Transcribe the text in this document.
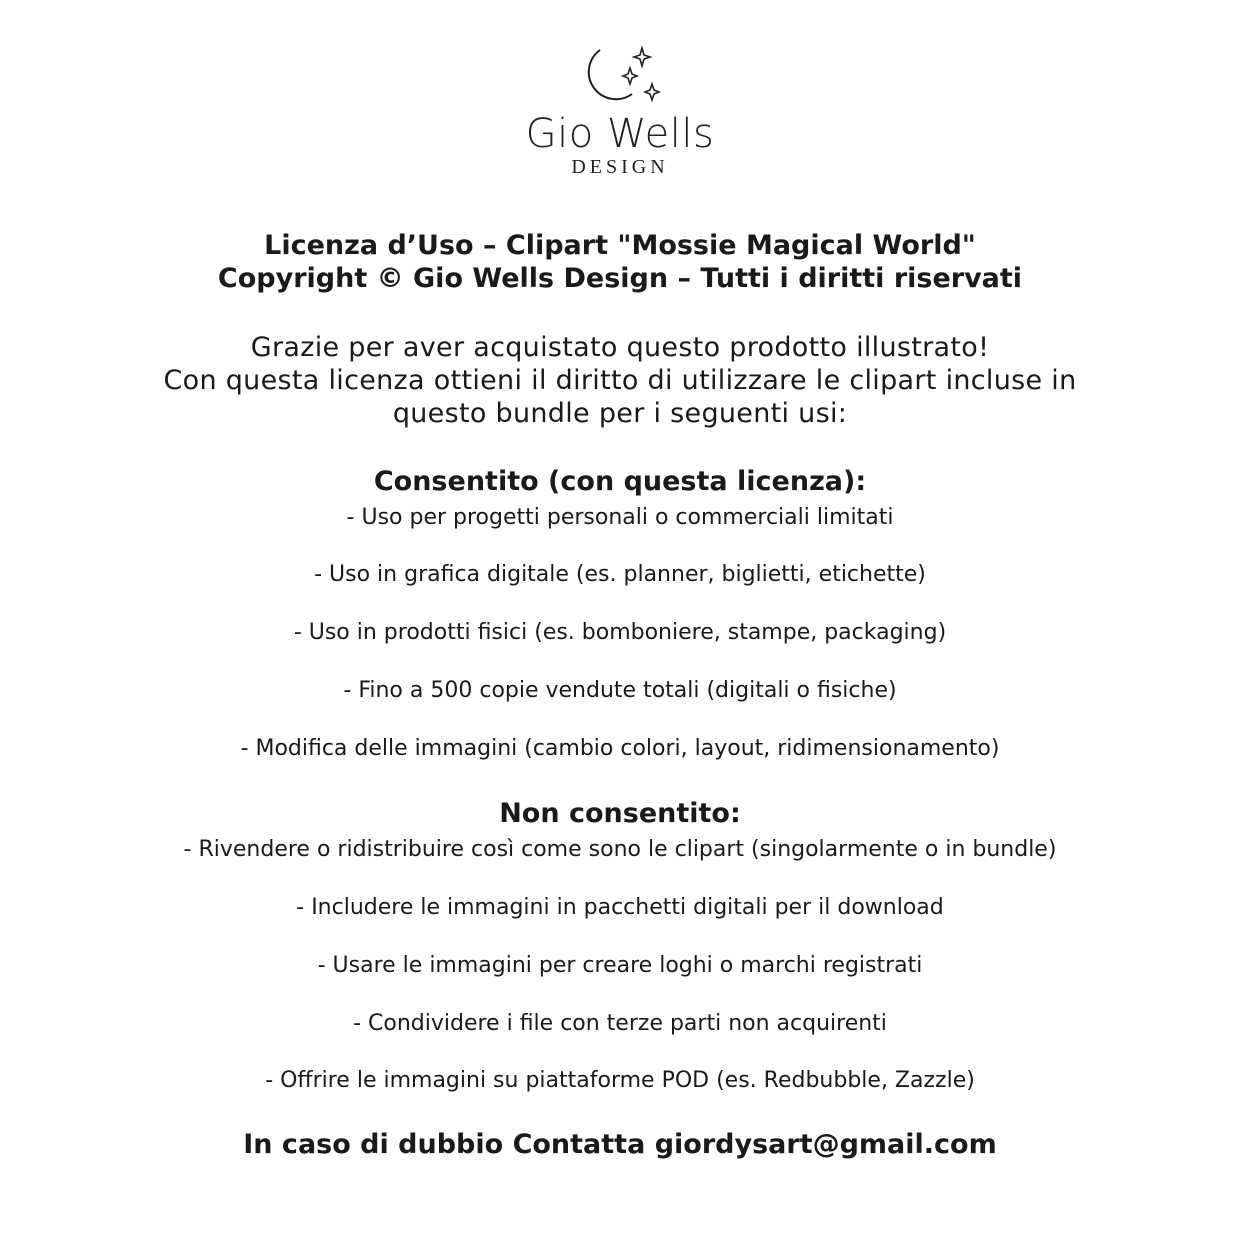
Gio Wells
DESIGN
Licenza d’Uso – Clipart "Mossie Magical World"
Copyright © Gio Wells Design – Tutti i diritti riservati
Grazie per aver acquistato questo prodotto illustrato!
Con questa licenza ottieni il diritto di utilizzare le clipart incluse in
questo bundle per i seguenti usi:
Consentito (con questa licenza):
- Uso per progetti personali o commerciali limitati
- Uso in grafica digitale (es. planner, biglietti, etichette)
- Uso in prodotti fisici (es. bomboniere, stampe, packaging)
- Fino a 500 copie vendute totali (digitali o fisiche)
- Modifica delle immagini (cambio colori, layout, ridimensionamento)
Non consentito:
- Rivendere o ridistribuire così come sono le clipart (singolarmente o in bundle)
- Includere le immagini in pacchetti digitali per il download
- Usare le immagini per creare loghi o marchi registrati
- Condividere i file con terze parti non acquirenti
- Offrire le immagini su piattaforme POD (es. Redbubble, Zazzle)
In caso di dubbio Contatta giordysart@gmail.com
